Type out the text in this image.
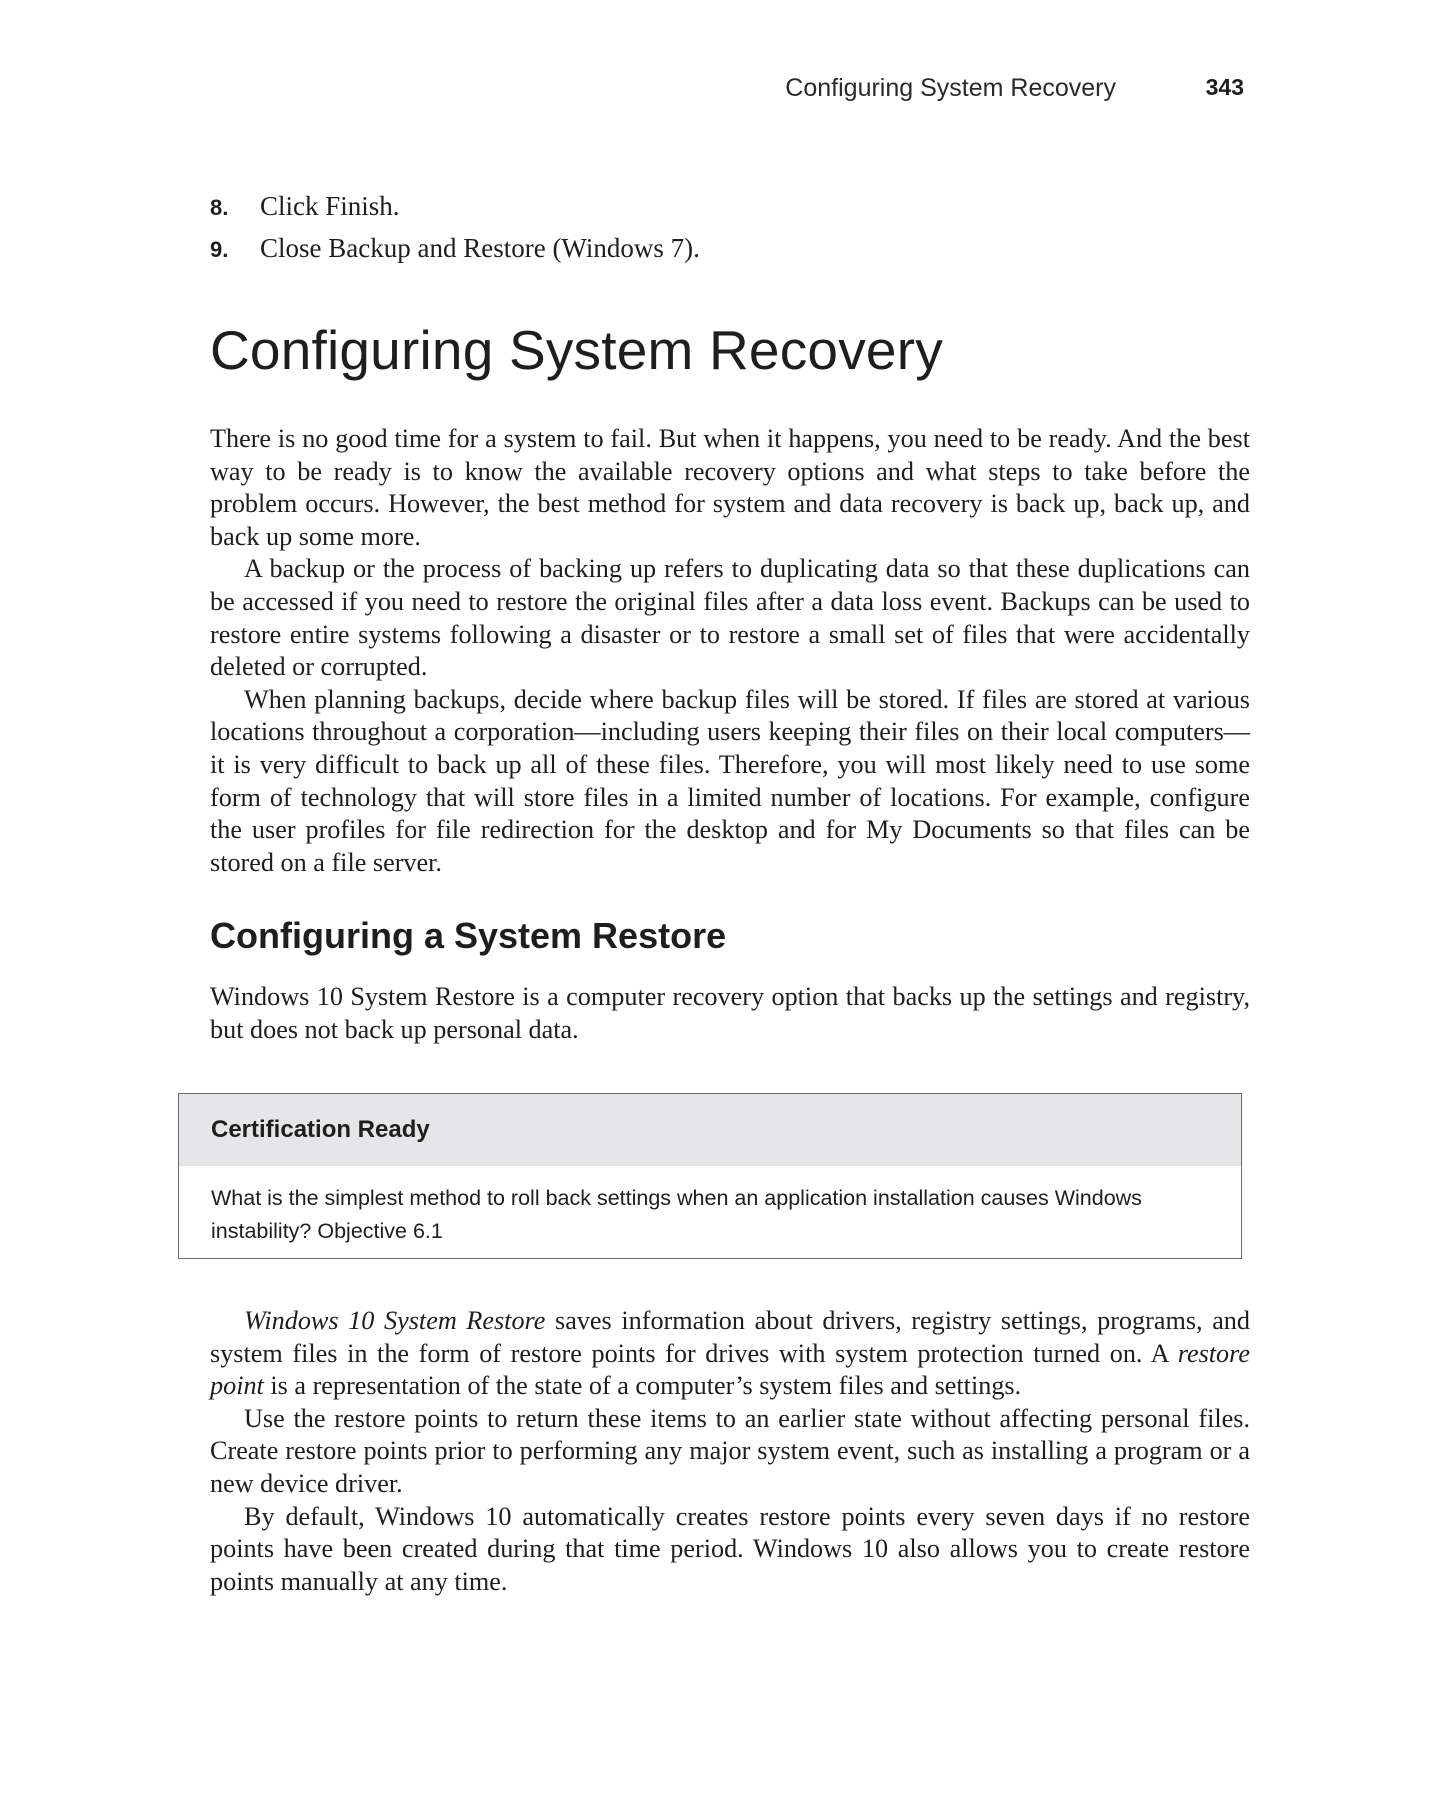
Configuring System Recovery	343
8. Click Finish.
9. Close Backup and Restore (Windows 7).
Configuring System Recovery

There is no good time for a system to fail. But when it happens, you need to be ready. And the best way to be ready is to know the available recovery options and what steps to take before the problem occurs. However, the best method for system and data recovery is back up, back up, and back up some more.

A backup or the process of backing up refers to duplicating data so that these duplications can be accessed if you need to restore the original files after a data loss event. Backups can be used to restore entire systems following a disaster or to restore a small set of files that were accidentally deleted or corrupted.

When planning backups, decide where backup files will be stored. If files are stored at various locations throughout a corporation—including users keeping their files on their local computers—it is very difficult to back up all of these files. Therefore, you will most likely need to use some form of technology that will store files in a limited number of locations. For example, configure the user profiles for file redirection for the desktop and for My Documents so that files can be stored on a file server.

Configuring a System Restore

Windows 10 System Restore is a computer recovery option that backs up the settings and registry, but does not back up personal data.

Certification Ready
What is the simplest method to roll back settings when an application installation causes Windows instability? Objective 6.1

Windows 10 System Restore saves information about drivers, registry settings, programs, and system files in the form of restore points for drives with system protection turned on. A restore point is a representation of the state of a computer’s system files and settings.

Use the restore points to return these items to an earlier state without affecting personal files. Create restore points prior to performing any major system event, such as installing a program or a new device driver.

By default, Windows 10 automatically creates restore points every seven days if no restore points have been created during that time period. Windows 10 also allows you to create restore points manually at any time.
